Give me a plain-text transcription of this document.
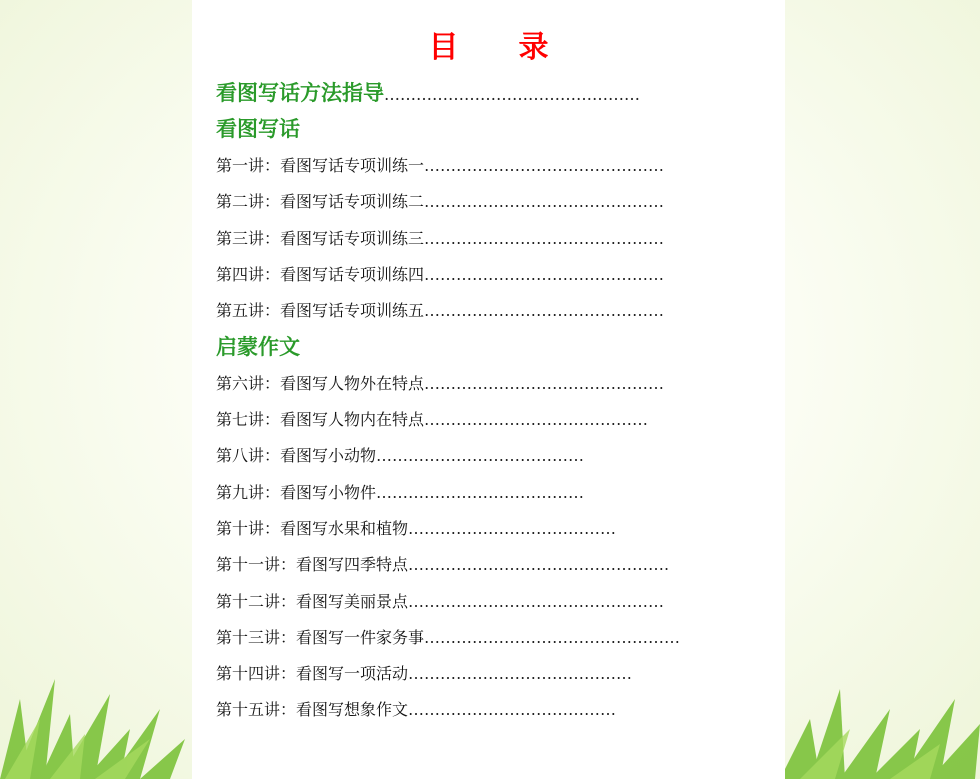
目 录
看图写话方法指导…………………………………………
看图写话
第一讲：看图写话专项训练一………………………………………
第二讲：看图写话专项训练二………………………………………
第三讲：看图写话专项训练三………………………………………
第四讲：看图写话专项训练四………………………………………
第五讲：看图写话专项训练五………………………………………
启蒙作文
第六讲：看图写人物外在特点………………………………………
第七讲：看图写人物内在特点……………………………………
第八讲：看图写小动物…………………………………
第九讲：看图写小物件…………………………………
第十讲：看图写水果和植物…………………………………
第十一讲：看图写四季特点………………………………………….
第十二讲：看图写美丽景点…………………………………………
第十三讲：看图写一件家务事…………………………………………
第十四讲：看图写一项活动……………………………………
第十五讲：看图写想象作文…………………………………
